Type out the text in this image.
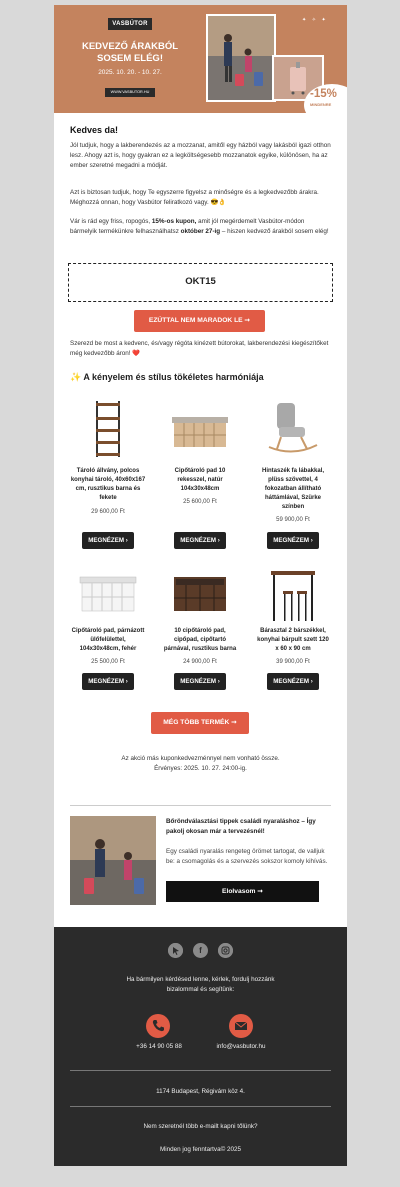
VASBÚTOR
KEDVEZŐ ÁRAKBÓL
SOSEM ELÉG!
2025. 10. 20. - 10. 27.
WWW.VASBUTOR.HU
✦ ✧ ✦
-15%
MINDENRE
Kedves da!
Jól tudjuk, hogy a lakberendezés az a mozzanat, amitől egy házból vagy lakásból igazi otthon lesz. Ahogy azt is, hogy gyakran ez a legköltségesebb mozzanatok egyike, különösen, ha az ember szeretné megadni a módját.
Azt is biztosan tudjuk, hogy Te egyszerre figyelsz a minőségre és a legkedvezőbb árakra. Méghozzá onnan, hogy Vasbútor feliratkozó vagy. 😎👌
Vár is rád egy friss, ropogós, 15%-os kupon, amit jól megérdemelt Vasbútor-módon bármelyik termékünkre felhasználhatsz október 27-ig – hiszen kedvező árakból sosem elég!
OKT15
EZÚTTAL NEM MARADOK LE ➞
Szerezd be most a kedvenc, és/vagy régóta kinézett bútorokat, lakberendezési kiegészítőket még kedvezőbb áron! ❤️
✨ A kényelem és stílus tökéletes harmóniája
Tároló állvány, polcos konyhai tároló, 40x60x167 cm, rusztikus barna és fekete
29 600,00 Ft
MEGNÉZEM ›
Cipőtároló pad 10 rekesszel, natúr 104x30x48cm
25 600,00 Ft
MEGNÉZEM ›
Hintaszék fa lábakkal, plüss szövettel, 4 fokozatban állítható háttámlával, Szürke színben
59 900,00 Ft
MEGNÉZEM ›
Cipőtároló pad, párnázott ülőfelülettel, 104x30x48cm, fehér
25 500,00 Ft
MEGNÉZEM ›
10 cipőtároló pad, cipőpad, cipőtartó párnával, rusztikus barna
24 900,00 Ft
MEGNÉZEM ›
Bárasztal 2 bárszékkel, konyhai bárpult szett 120 x 60 x 90 cm
39 900,00 Ft
MEGNÉZEM ›
MÉG TÖBB TERMÉK ➞
Az akció más kuponkedvezménnyel nem vonható össze.
Érvényes: 2025. 10. 27. 24:00-ig.
Bőröndválasztási tippek családi nyaraláshoz – Így pakolj okosan már a tervezésnél!
Egy családi nyaralás rengeteg örömet tartogat, de valljuk be: a csomagolás és a szervezés sokszor komoly kihívás.
Elolvasom ➞
f
Ha bármilyen kérdésed lenne, kérlek, fordulj hozzánk
bizalommal és segítünk:
+36 14 90 05 88	info@vasbutor.hu
1174 Budapest, Régivám köz 4.
Nem szeretnél több e-mailt kapni tőlünk?
Minden jog fenntartva© 2025
